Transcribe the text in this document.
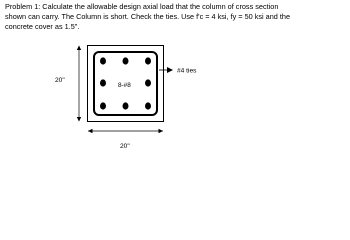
Problem 1: Calculate the allowable design axial load that the column of cross section
shown can carry. The Column is short. Check the ties. Use f'c = 4 ksi, fy = 50 ksi and the
concrete cover as 1.5".
#4 ties
8-#8
20"
20"
